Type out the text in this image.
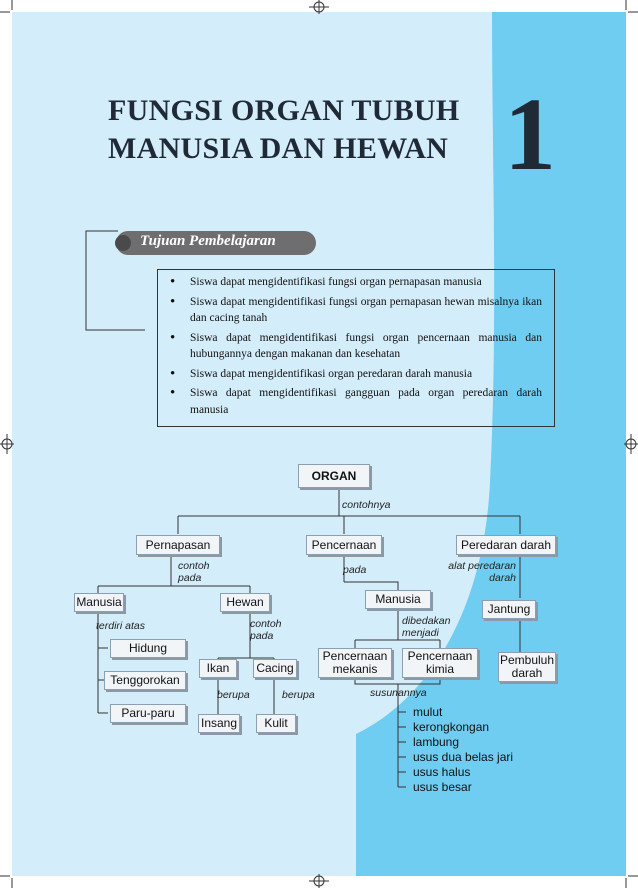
FUNGSI ORGAN TUBUH
MANUSIA DAN HEWAN 1
Tujuan Pembelajaran
• Siswa dapat mengidentifikasi fungsi organ pernapasan manusia
• Siswa dapat mengidentifikasi fungsi organ pernapasan hewan misalnya ikan dan cacing tanah
• Siswa dapat mengidentifikasi fungsi organ pencernaan manusia dan hubungannya dengan makanan dan kesehatan
• Siswa dapat mengidentifikasi organ peredaran darah manusia
• Siswa dapat mengidentifikasi gangguan pada organ peredaran darah manusia
ORGAN
contohnya
Pernapasan	Pencernaan	Peredaran darah
contoh
pada
pada	alat peredaran
darah
Manusia	Hewan	Manusia
Jantung
terdiri atas	contoh
pada
dibedakan
menjadi
Hidung
Tenggorokan
Paru-paru
Ikan	Cacing
berupa	berupa
Insang	Kulit
Pencernaan
mekanis
Pencernaan
kimia
Pembuluh
darah
susunannya
mulut
kerongkongan
lambung
usus dua belas jari
usus halus
usus besar
